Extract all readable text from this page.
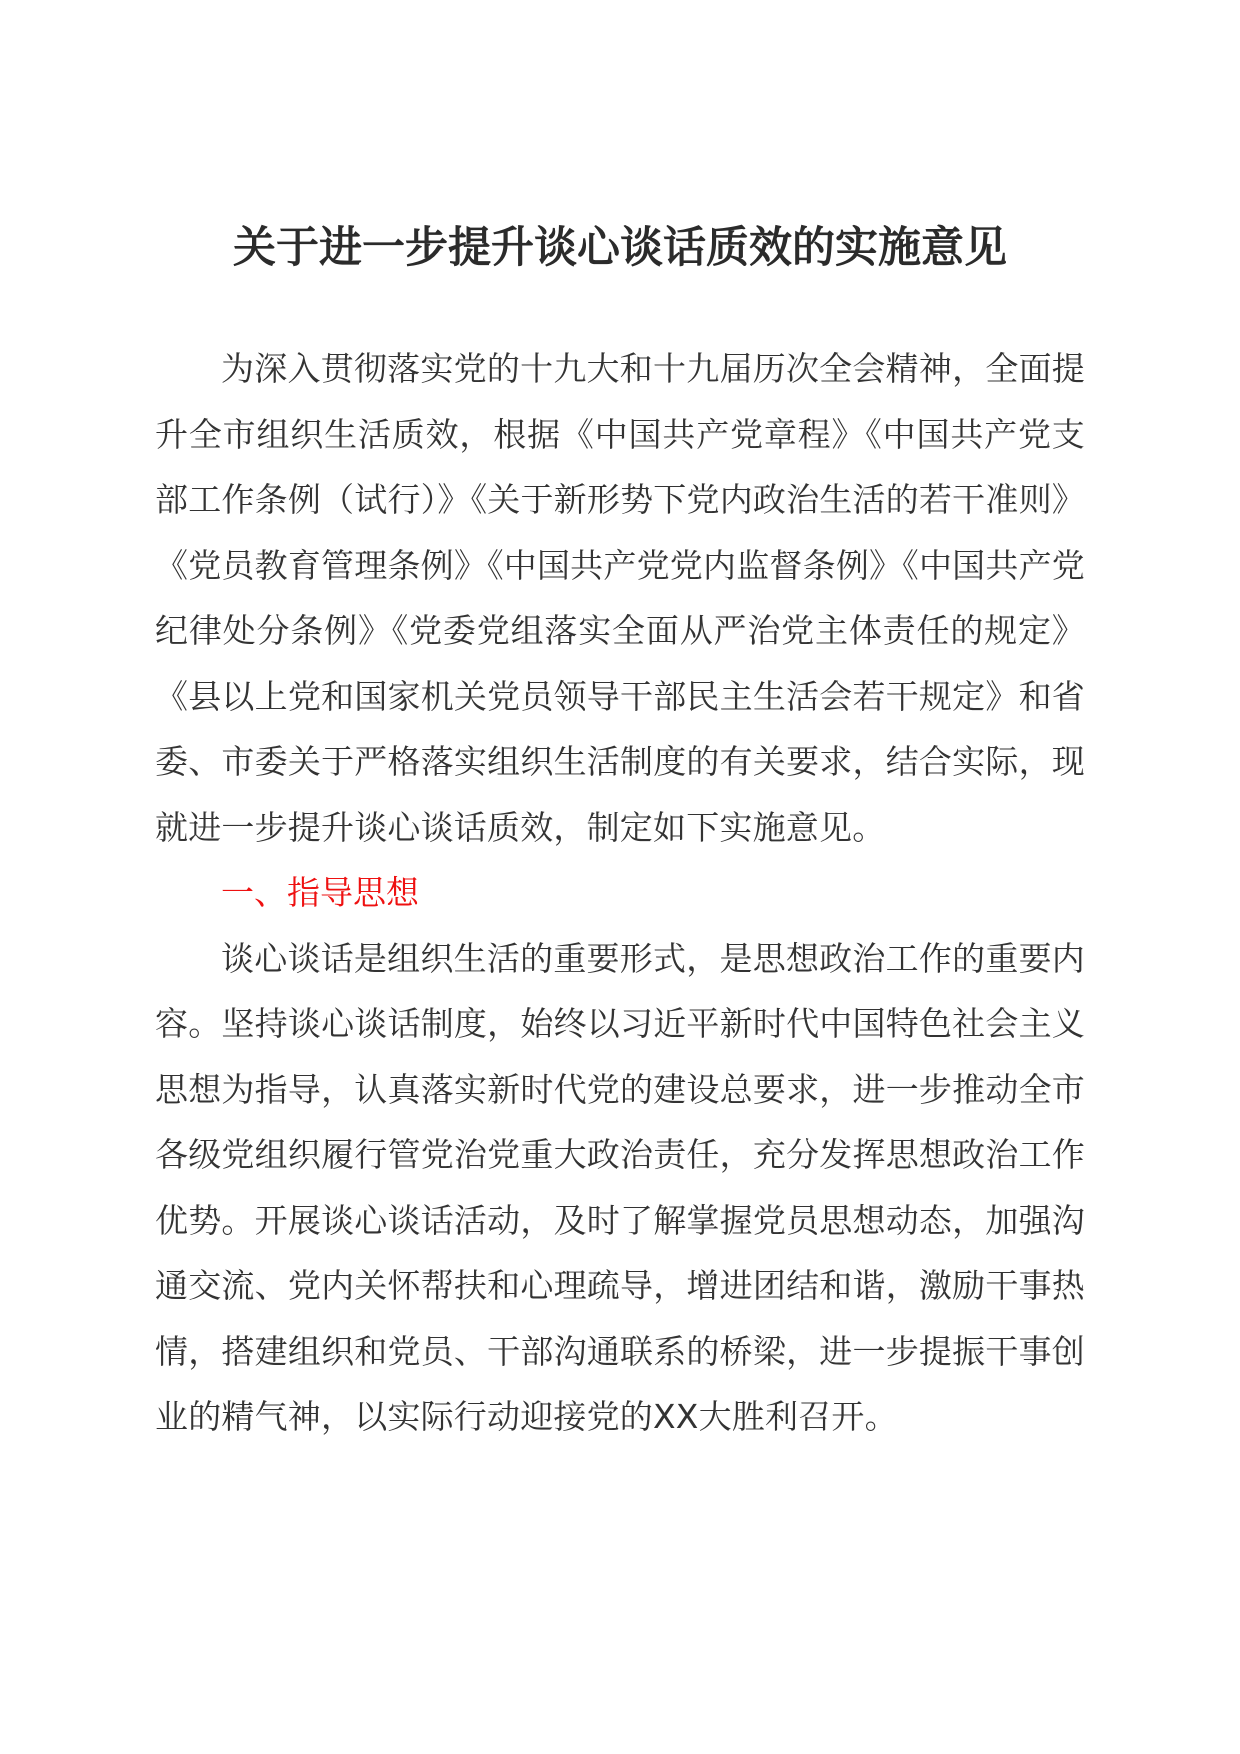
关于进一步提升谈心谈话质效的实施意见

为深入贯彻落实党的十九大和十九届历次全会精神，全面提升全市组织生活质效，根据《中国共产党章程》《中国共产党支部工作条例（试行）》《关于新形势下党内政治生活的若干准则》《党员教育管理条例》《中国共产党党内监督条例》《中国共产党纪律处分条例》《党委党组落实全面从严治党主体责任的规定》《县以上党和国家机关党员领导干部民主生活会若干规定》和省委、市委关于严格落实组织生活制度的有关要求，结合实际，现就进一步提升谈心谈话质效，制定如下实施意见。

一、指导思想

谈心谈话是组织生活的重要形式，是思想政治工作的重要内容。坚持谈心谈话制度，始终以习近平新时代中国特色社会主义思想为指导，认真落实新时代党的建设总要求，进一步推动全市各级党组织履行管党治党重大政治责任，充分发挥思想政治工作优势。开展谈心谈话活动，及时了解掌握党员思想动态，加强沟通交流、党内关怀帮扶和心理疏导，增进团结和谐，激励干事热情，搭建组织和党员、干部沟通联系的桥梁，进一步提振干事创业的精气神，以实际行动迎接党的XX大胜利召开。
